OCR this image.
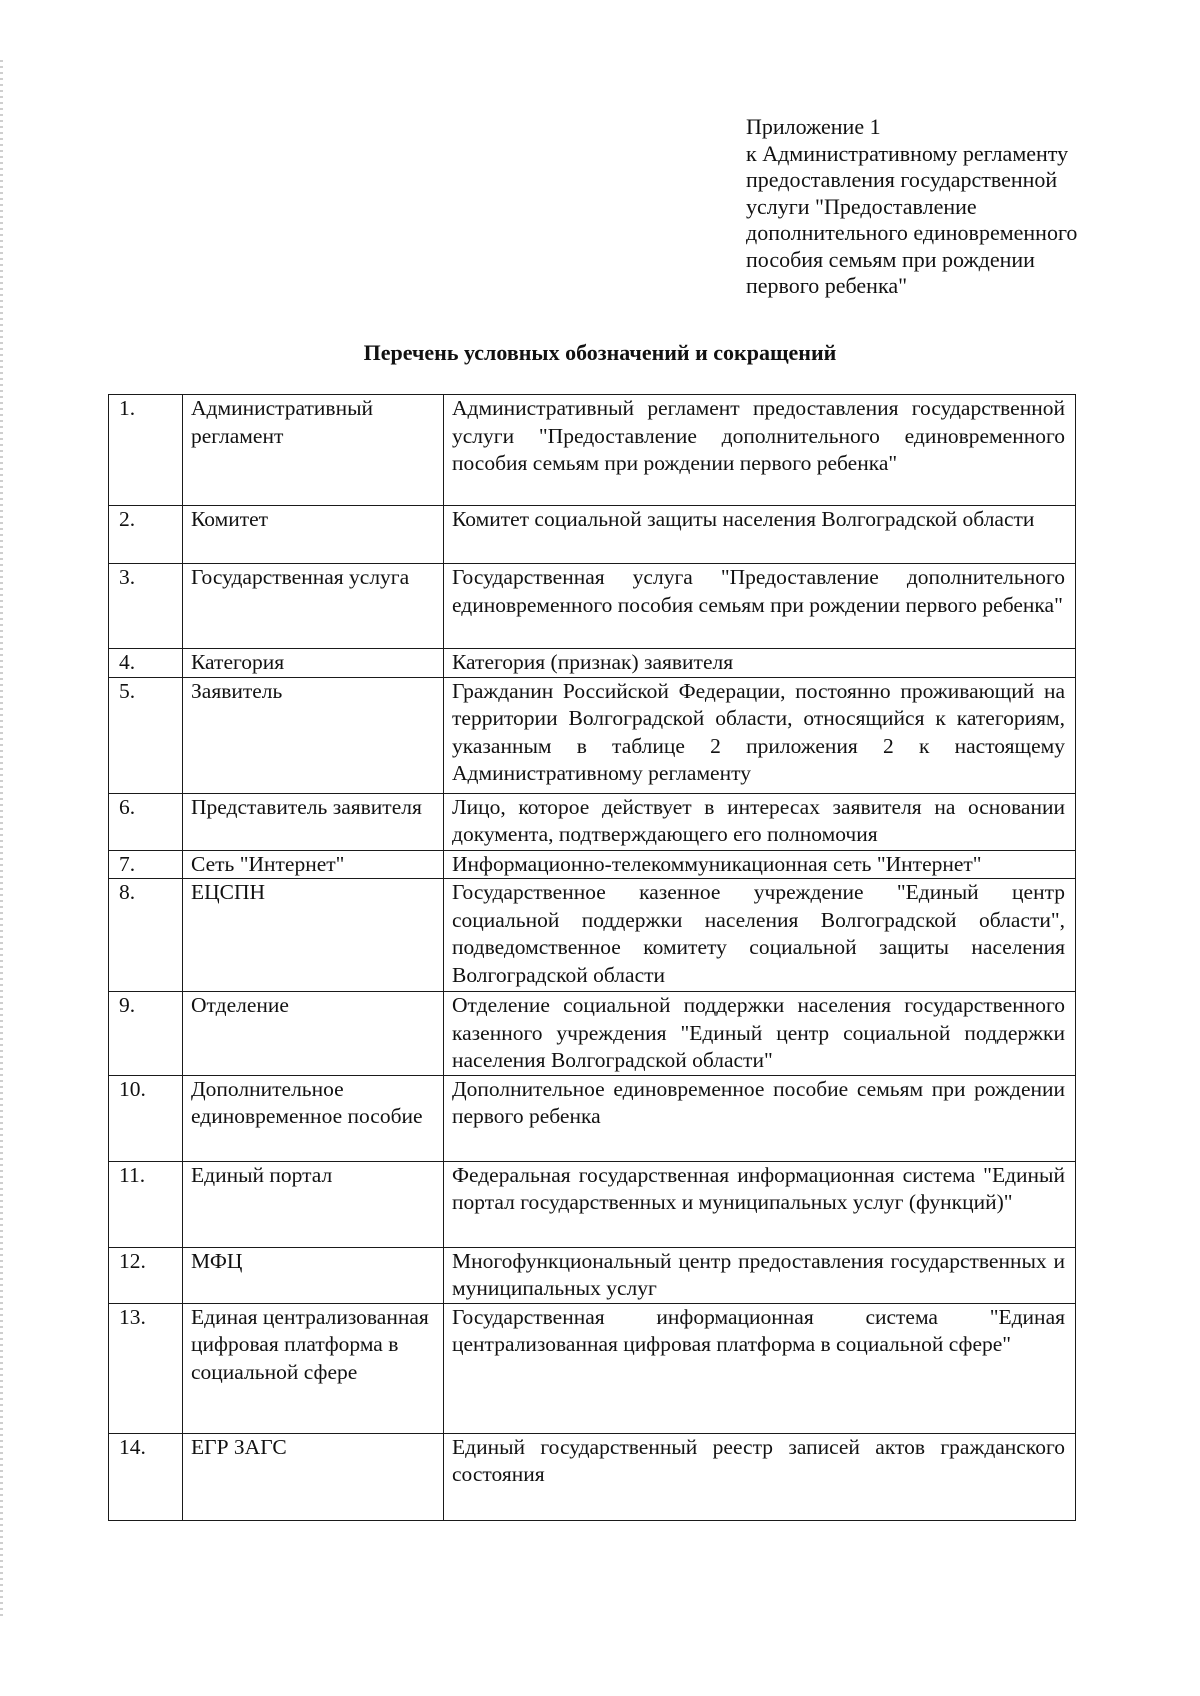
Приложение 1
к Административному регламенту
предоставления государственной
услуги "Предоставление
дополнительного единовременного
пособия семьям при рождении
первого ребенка"
Перечень условных обозначений и сокращений
1.	Административный регламент	Административный регламент предоставления государственной услуги "Предоставление дополнительного единовременного пособия семьям при рождении первого ребенка"
2.	Комитет	Комитет социальной защиты населения Волгоградской области
3.	Государственная услуга	Государственная услуга "Предоставление дополнительного единовременного пособия семьям при рождении первого ребенка"
4.	Категория	Категория (признак) заявителя
5.	Заявитель	Гражданин Российской Федерации, постоянно проживающий на территории Волгоградской области, относящийся к категориям, указанным в таблице 2 приложения 2 к настоящему Административному регламенту
6.	Представитель заявителя	Лицо, которое действует в интересах заявителя на основании документа, подтверждающего его полномочия
7.	Сеть "Интернет"	Информационно-телекоммуникационная сеть "Интернет"
8.	ЕЦСПН	Государственное казенное учреждение "Единый центр социальной поддержки населения Волгоградской области", подведомственное комитету социальной защиты населения Волгоградской области
9.	Отделение	Отделение социальной поддержки населения государственного казенного учреждения "Единый центр социальной поддержки населения Волгоградской области"
10.	Дополнительное единовременное пособие	Дополнительное единовременное пособие семьям при рождении первого ребенка
11.	Единый портал	Федеральная государственная информационная система "Единый портал государственных и муниципальных услуг (функций)"
12.	МФЦ	Многофункциональный центр предоставления государственных и муниципальных услуг
13.	Единая централизованная цифровая платформа в социальной сфере	Государственная информационная система "Единая централизованная цифровая платформа в социальной сфере"
14.	ЕГР ЗАГС	Единый государственный реестр записей актов гражданского состояния
